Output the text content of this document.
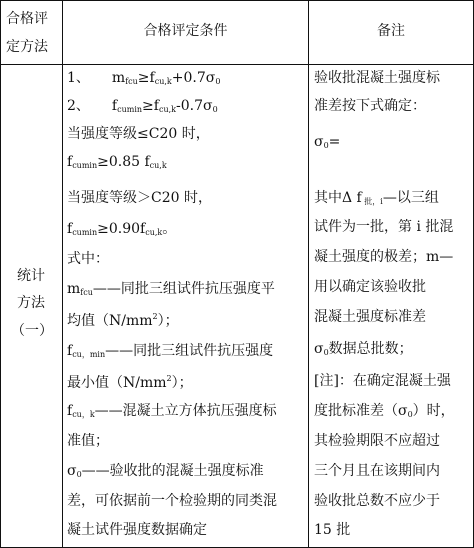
合格评
定方法
合格评定条件	备注
统计
方法
（一）
1、 $m_{fcu}\ge f_{cu,k}+0.7\sigma_0$
2、 $f_{cumin}\ge f_{cu,k}-0.7\sigma_0$
当强度等级≤C20 时，
$f_{cumin}\ge 0.85$ $f_{cu,k}$
当强度等级＞C20 时，
$f_{cumin}\ge 0.90f_{cu,k}$。
式中：
$m_{fcu}——$同批三组试件抗压强度平
均值$(N/mm^2)$；
$f_{cu,min}——$同批三组试件抗压强度
最小值$(N/mm^2)$；
$f_{cu,k}——$混凝土立方体抗压强度标
准值；
$\sigma_0——$验收批的混凝土强度标准
差，可依据前一个检验期的同类混
凝土试件强度数据确定
验收批混凝土强度标
准差按下式确定：
$\sigma_0=$
其中Δ f $_{批,i}$—以三组
试件为一批，第 i 批混
凝土强度的极差；m—
用以确定该验收批
混凝土强度标准差
$\sigma_0$数据总批数；
[注]：在确定混凝土强
度批标准差$(\sigma_0)$时，
其检验期限不应超过
三个月且在该期间内
验收批总数不应少于
15 批
